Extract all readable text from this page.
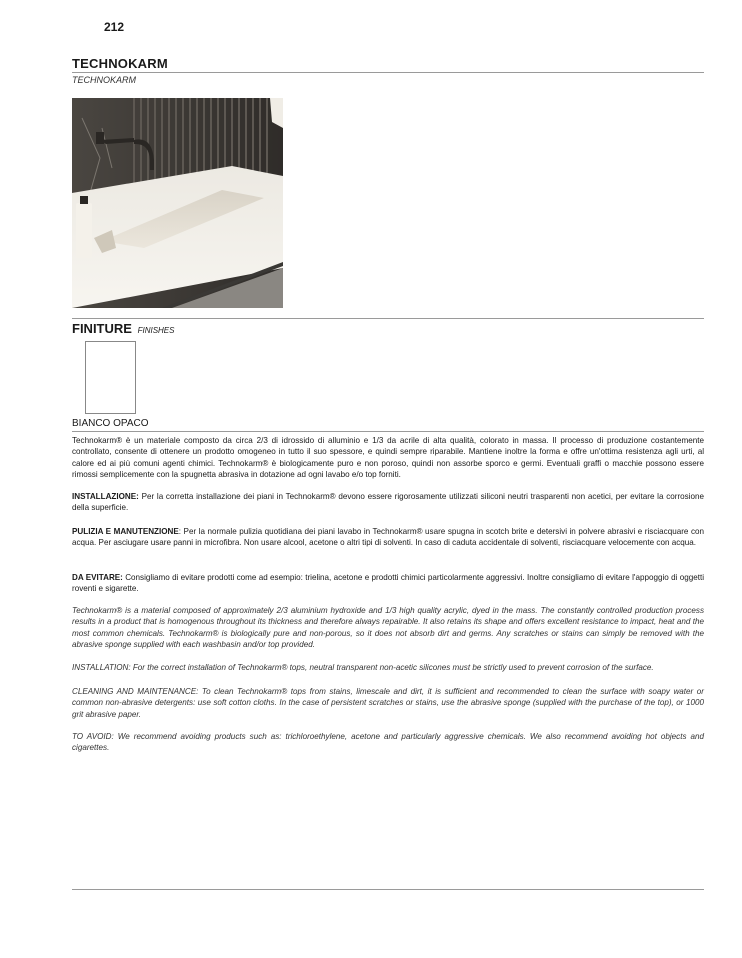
212
TECHNOKARM
TECHNOKARM
FINITURE FINISHES
BIANCO OPACO
Technokarm® è un materiale composto da circa 2/3 di idrossido di alluminio e 1/3 da acrile di alta qualità, colorato in massa. Il processo di produzione costantemente controllato, consente di ottenere un prodotto omogeneo in tutto il suo spessore, e quindi sempre riparabile. Mantiene inoltre la forma e offre un'ottima resistenza agli urti, al calore ed ai più comuni agenti chimici. Technokarm® è biologicamente puro e non poroso, quindi non assorbe sporco e germi. Eventuali graffi o macchie possono essere rimossi semplicemente con la spugnetta abrasiva in dotazione ad ogni lavabo e/o top forniti.
INSTALLAZIONE: Per la corretta installazione dei piani in Technokarm® devono essere rigorosamente utilizzati siliconi neutri trasparenti non acetici, per evitare la corrosione della superficie.
PULIZIA E MANUTENZIONE: Per la normale pulizia quotidiana dei piani lavabo in Technokarm® usare spugna in scotch brite e detersivi in polvere abrasivi e risciacquare con acqua. Per asciugare usare panni in microfibra. Non usare alcool, acetone o altri tipi di solventi. In caso di caduta accidentale di solventi, risciacquare velocemente con acqua.
DA EVITARE: Consigliamo di evitare prodotti come ad esempio: trielina, acetone e prodotti chimici particolarmente aggressivi. Inoltre consigliamo di evitare l'appoggio di oggetti roventi e sigarette.
Technokarm® is a material composed of approximately 2/3 aluminium hydroxide and 1/3 high quality acrylic, dyed in the mass. The constantly controlled production process results in a product that is homogenous throughout its thickness and therefore always repairable. It also retains its shape and offers excellent resistance to impact, heat and the most common chemicals. Technokarm® is biologically pure and non-porous, so it does not absorb dirt and germs. Any scratches or stains can simply be removed with the abrasive sponge supplied with each washbasin and/or top provided.
INSTALLATION: For the correct installation of Technokarm® tops, neutral transparent non-acetic silicones must be strictly used to prevent corrosion of the surface.
CLEANING AND MAINTENANCE: To clean Technokarm® tops from stains, limescale and dirt, it is sufficient and recommended to clean the surface with soapy water or common non-abrasive detergents: use soft cotton cloths. In the case of persistent scratches or stains, use the abrasive sponge (supplied with the purchase of the top), or 1000 grit abrasive paper.
TO AVOID: We recommend avoiding products such as: trichloroethylene, acetone and particularly aggressive chemicals. We also recommend avoiding hot objects and cigarettes.
